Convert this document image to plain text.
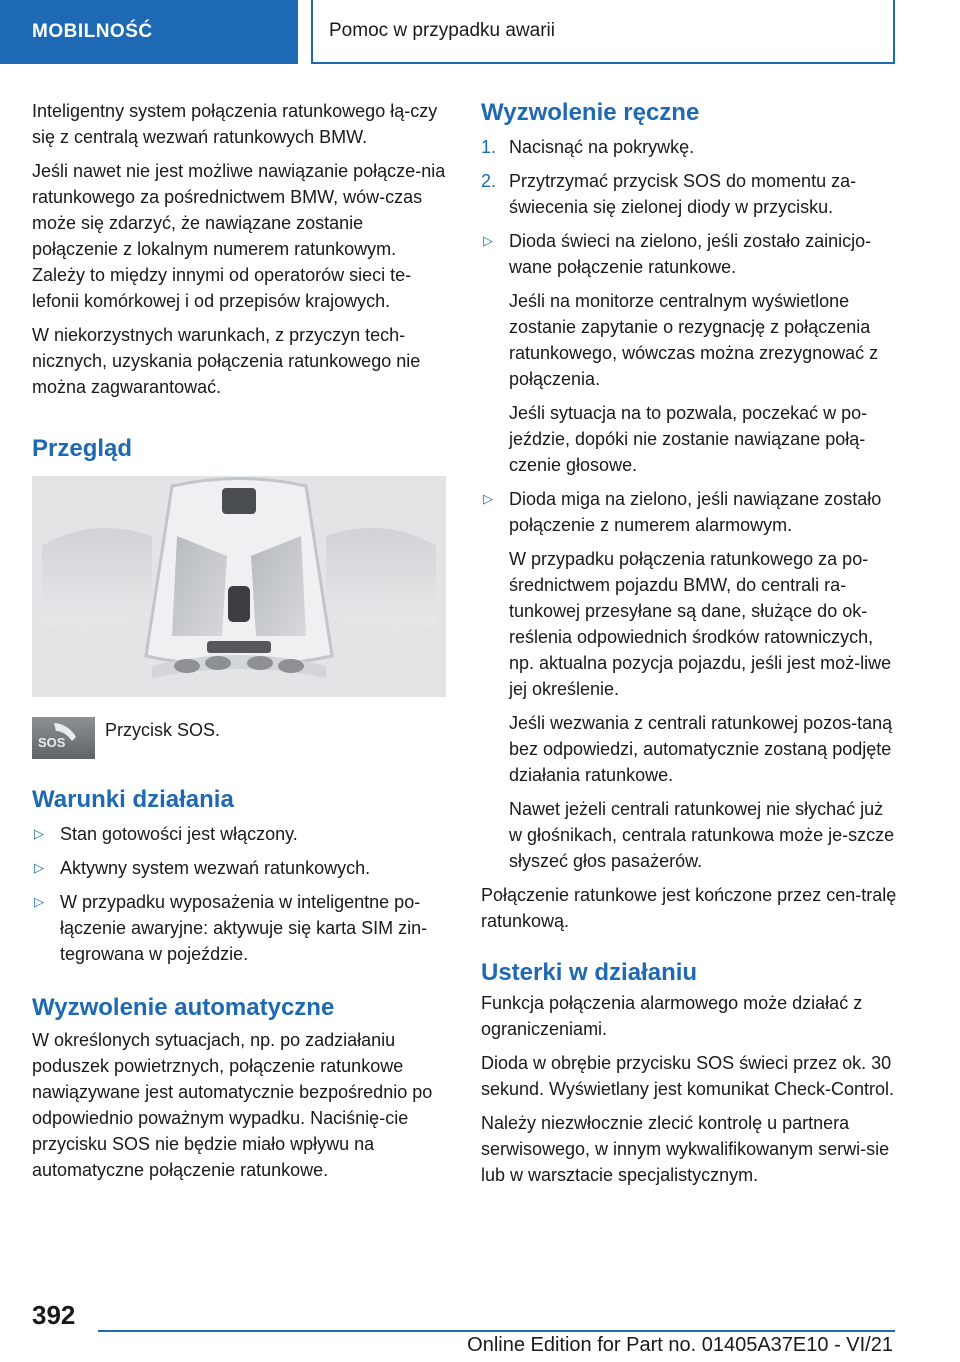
MOBILNOŚĆ	Pomoc w przypadku awarii

Inteligentny system połączenia ratunkowego łą-czy się z centralą wezwań ratunkowych BMW.

Jeśli nawet nie jest możliwe nawiązanie połącze-nia ratunkowego za pośrednictwem BMW, wów-czas może się zdarzyć, że nawiązane zostanie połączenie z lokalnym numerem ratunkowym. Zależy to między innymi od operatorów sieci te-lefonii komórkowej i od przepisów krajowych.

W niekorzystnych warunkach, z przyczyn tech-nicznych, uzyskania połączenia ratunkowego nie można zagwarantować.

Przegląd
SOS
Przycisk SOS.
Warunki działania
▷ Stan gotowości jest włączony.
▷ Aktywny system wezwań ratunkowych.
▷ W przypadku wyposażenia w inteligentne po-łączenie awaryjne: aktywuje się karta SIM zin-tegrowana w pojeździe.
Wyzwolenie automatyczne

W określonych sytuacjach, np. po zadziałaniu poduszek powietrznych, połączenie ratunkowe nawiązywane jest automatycznie bezpośrednio po odpowiednio poważnym wypadku. Naciśnię-cie przycisku SOS nie będzie miało wpływu na automatyczne połączenie ratunkowe.

Wyzwolenie ręczne
1. Nacisnąć na pokrywkę.
2. Przytrzymać przycisk SOS do momentu za-świecenia się zielonej diody w przycisku.
▷ Dioda świeci na zielono, jeśli zostało zainicjo-wane połączenie ratunkowe.

Jeśli na monitorze centralnym wyświetlone zostanie zapytanie o rezygnację z połączenia ratunkowego, wówczas można zrezygnować z połączenia.

Jeśli sytuacja na to pozwala, poczekać w po-jeździe, dopóki nie zostanie nawiązane połą-czenie głosowe.

▷ Dioda miga na zielono, jeśli nawiązane zostało połączenie z numerem alarmowym.

W przypadku połączenia ratunkowego za po-średnictwem pojazdu BMW, do centrali ra-tunkowej przesyłane są dane, służące do ok-reślenia odpowiednich środków ratowniczych, np. aktualna pozycja pojazdu, jeśli jest moż-liwe jej określenie.

Jeśli wezwania z centrali ratunkowej pozos-taną bez odpowiedzi, automatycznie zostaną podjęte działania ratunkowe.

Nawet jeżeli centrali ratunkowej nie słychać już w głośnikach, centrala ratunkowa może je-szcze słyszeć głos pasażerów.

Połączenie ratunkowe jest kończone przez cen-tralę ratunkową.

Usterki w działaniu

Funkcja połączenia alarmowego może działać z ograniczeniami.

Dioda w obrębie przycisku SOS świeci przez ok. 30 sekund. Wyświetlany jest komunikat Check-Control.

Należy niezwłocznie zlecić kontrolę u partnera serwisowego, w innym wykwalifikowanym serwi-sie lub w warsztacie specjalistycznym.

392
Online Edition for Part no. 01405A37E10 - VI/21
